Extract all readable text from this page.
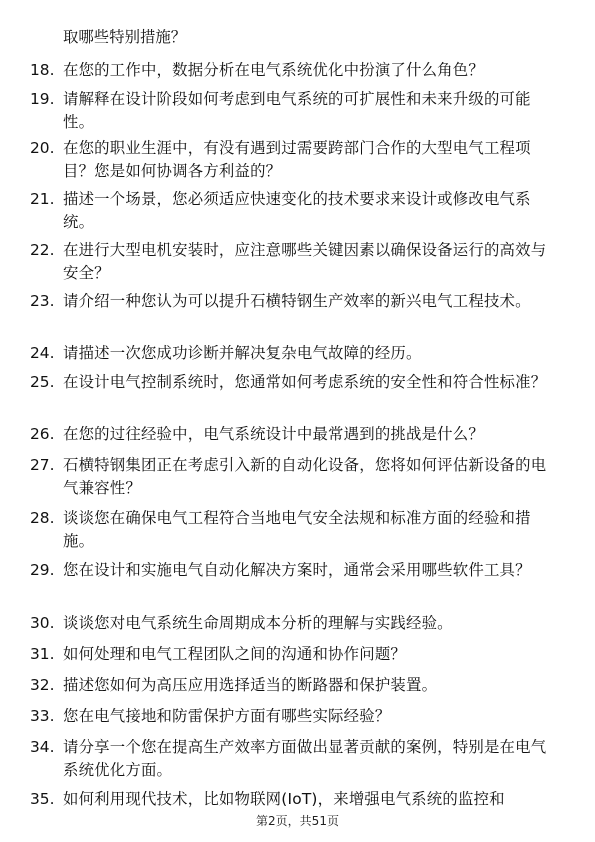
取哪些特别措施？
18. 在您的工作中，数据分析在电气系统优化中扮演了什么角色？
19. 请解释在设计阶段如何考虑到电气系统的可扩展性和未来升级的可能性。
20. 在您的职业生涯中，有没有遇到过需要跨部门合作的大型电气工程项目？您是如何协调各方利益的？
21. 描述一个场景，您必须适应快速变化的技术要求来设计或修改电气系统。
22. 在进行大型电机安装时，应注意哪些关键因素以确保设备运行的高效与安全？
23. 请介绍一种您认为可以提升石横特钢生产效率的新兴电气工程技术。
24. 请描述一次您成功诊断并解决复杂电气故障的经历。
25. 在设计电气控制系统时，您通常如何考虑系统的安全性和符合性标准？
26. 在您的过往经验中，电气系统设计中最常遇到的挑战是什么？
27. 石横特钢集团正在考虑引入新的自动化设备，您将如何评估新设备的电气兼容性？
28. 谈谈您在确保电气工程符合当地电气安全法规和标准方面的经验和措施。
29. 您在设计和实施电气自动化解决方案时，通常会采用哪些软件工具？
30. 谈谈您对电气系统生命周期成本分析的理解与实践经验。
31. 如何处理和电气工程团队之间的沟通和协作问题？
32. 描述您如何为高压应用选择适当的断路器和保护装置。
33. 您在电气接地和防雷保护方面有哪些实际经验？
34. 请分享一个您在提高生产效率方面做出显著贡献的案例，特别是在电气系统优化方面。
35. 如何利用现代技术，比如物联网(IoT)，来增强电气系统的监控和
第2页，共51页
